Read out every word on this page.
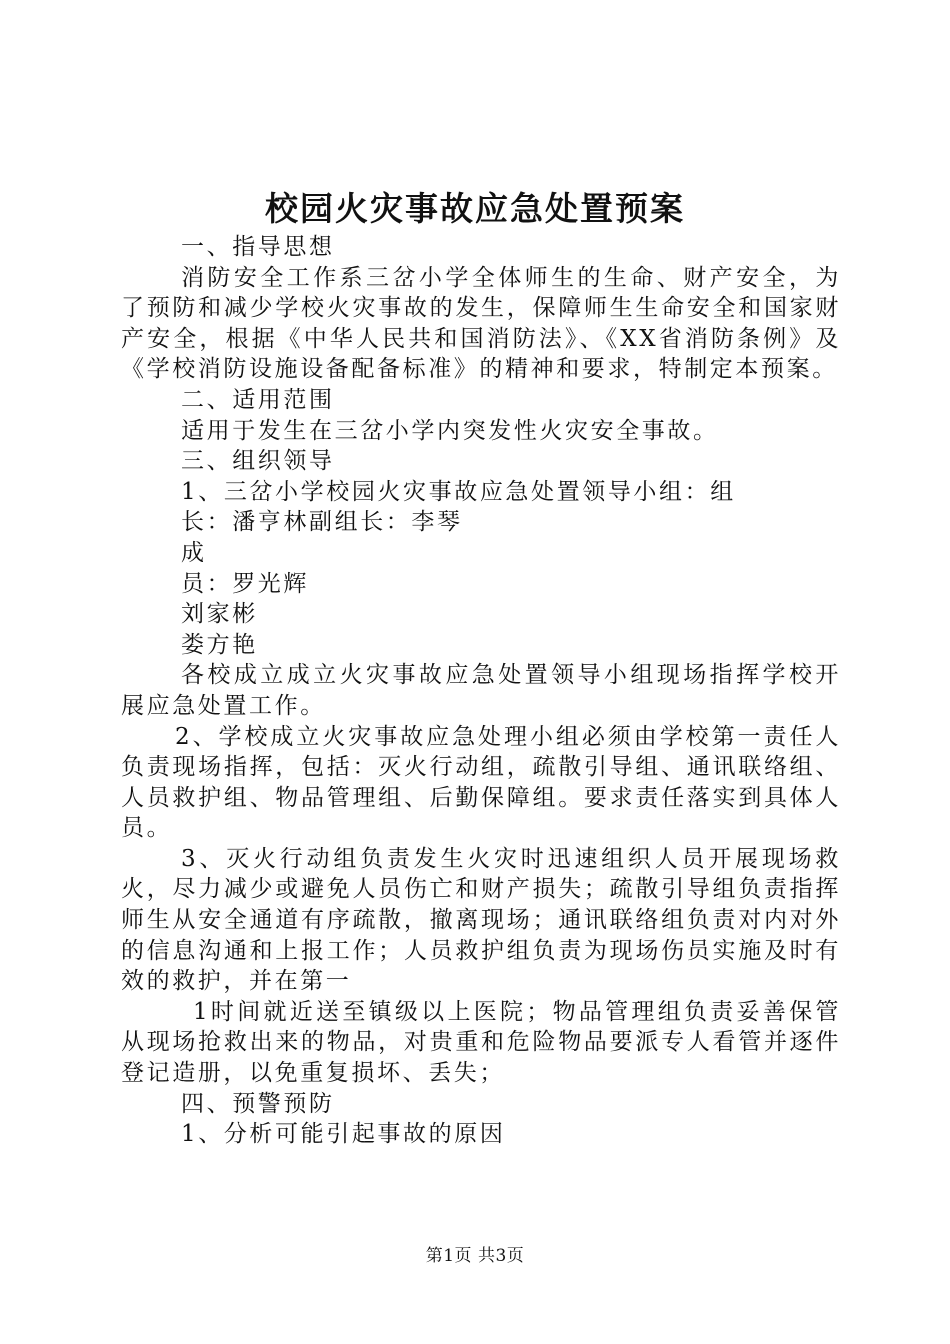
校园火灾事故应急处置预案

一、指导思想

消防安全工作系三岔小学全体师生的生命、财产安全，为了预防和减少学校火灾事故的发生，保障师生生命安全和国家财产安全，根据《中华人民共和国消防法》、《XX省消防条例》及《学校消防设施设备配备标准》的精神和要求，特制定本预案。

二、适用范围

适用于发生在三岔小学内突发性火灾安全事故。

三、组织领导

1、三岔小学校园火灾事故应急处置领导小组：组

长：潘亨林副组长：李琴

成

员：罗光辉

刘家彬

娄方艳

各校成立成立火灾事故应急处置领导小组现场指挥学校开展应急处置工作。

2、学校成立火灾事故应急处理小组必须由学校第一责任人负责现场指挥，包括：灭火行动组，疏散引导组、通讯联络组、人员救护组、物品管理组、后勤保障组。要求责任落实到具体人员。

3、灭火行动组负责发生火灾时迅速组织人员开展现场救火，尽力减少或避免人员伤亡和财产损失；疏散引导组负责指挥师生从安全通道有序疏散，撤离现场；通讯联络组负责对内对外的信息沟通和上报工作；人员救护组负责为现场伤员实施及时有效的救护，并在第一

1时间就近送至镇级以上医院；物品管理组负责妥善保管从现场抢救出来的物品，对贵重和危险物品要派专人看管并逐件登记造册，以免重复损坏、丢失；

四、预警预防

1、分析可能引起事故的原因

第1页 共3页
